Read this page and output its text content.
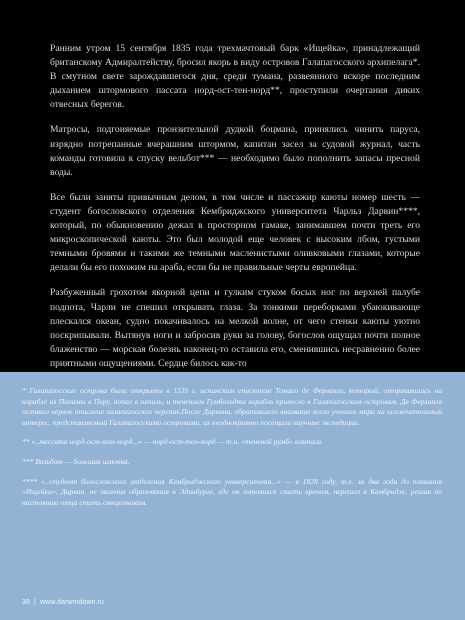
Ранним утром 15 сентября 1835 года трехмачтовый барк «Ищейка», принадлежащий британскому Адмиралтейству, бросил якорь в виду островов Галапагосского архипелага*. В смутном свете зарождавшегося дня, среди тумана, развеянного вскоре последним дыханием штормового пассата норд-ост-тен-норд**, проступили очертания диких отвесных берегов.

Матросы, подгоняемые пронзительной дудкой боцмана, принялись чинить паруса, изрядно потрепанные вчерашним штормом, капитан засел за судовой журнал, часть команды готовила к спуску вельбот*** — необходимо было пополнить запасы пресной воды.

Все были заняты привычным делом, в том числе и пассажир каюты номер шесть — студент богословского отделения Кембриджского университета Чарльз Дарвин****, который, по обыкновению дежал в просторном гамаке, занимавшем почти треть его микроскопической каюты. Это был молодой еще человек с высоким лбом, густыми темными бровями и такими же темными масленистыми оливковыми глазами, которые делали бы его похожим на араба, если бы не правильные черты европейца.

Разбуженный грохотом якорной цепи и гулким стуком босых ног по верхней палубе подпота, Чарли не спешил открывать глаза. За тонкими переборками убаюкивающе плескался океан, судно покачивалось на мелкой волне, от чего стенки каюты уютно поскрипывали. Вытянув ноги и забросив руки за голову, богослов ощущал почти полное блаженство — морская болезнь наконец-то оставила его, сменившись несравненно более приятными ощущениями. Сердце билось как-то

* Галапагосские острова были открыты в 1535 г. испанским епископом Томасо де Ферланга, который, отправившись на корабле из Панамы в Перу, попал в штиль, и течением Гумбольдта корабль принесло к Галапагосским островам. Де Ферланга оставил первое описание галапагосских черепах.После Дарвина, обратившего внимание всего ученого мира на исключительный интерес, представляемый Галапагосскими островами, их неоднократно посещали научные экспедиции.

** «..массата норд-ост-тен-норд...» — норд-ост-тен-норд — т.н. «теневой румб» компаса.

*** Вельбот — большая шлюпка.

**** «..студент богословского отделения Кембриджского университета...» — в 1828 году, т.е. за два года до плавания «Ищейки», Дарвин, не окончив образования в Эдинбурге, где он готовился стать врачом, перешел в Кембридж, решив по настоянию отца стать священником.

38 | www.darwindown.ru
